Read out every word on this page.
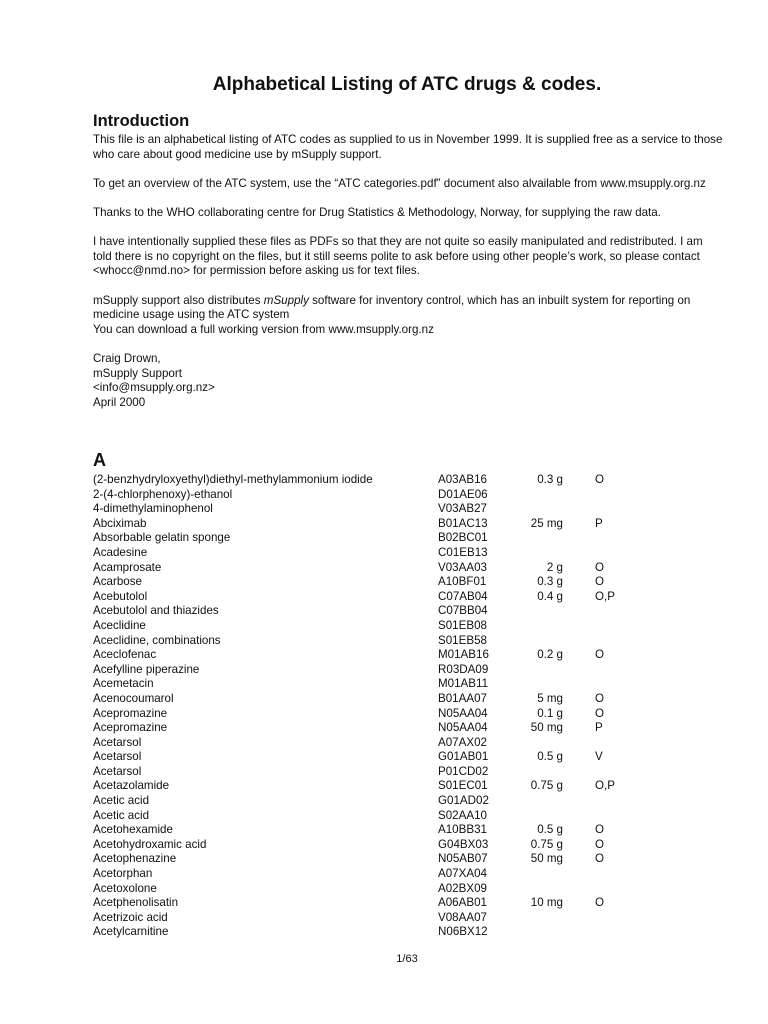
Alphabetical Listing of ATC drugs & codes.
Introduction

This file is an alphabetical listing of ATC codes as supplied to us in November 1999. It is supplied free as a service to those who care about good medicine use by mSupply support.

To get an overview of the ATC system, use the “ATC categories.pdf” document also alvailable from www.msupply.org.nz

Thanks to the WHO collaborating centre for Drug Statistics & Methodology, Norway, for supplying the raw data.

I have intentionally supplied these files as PDFs so that they are not quite so easily manipulated and redistributed. I am told there is no copyright on the files, but it still seems polite to ask before using other people’s work, so please contact <whocc@nmd.no> for permission before asking us for text files.

mSupply support also distributes mSupply software for inventory control, which has an inbuilt system for reporting on medicine usage using the ATC system

You can download a full working version from www.msupply.org.nz

Craig Drown,
mSupply Support
<info@msupply.org.nz>
April 2000
A
(2-benzhydryloxyethyl)diethyl-methylammonium iodide	A03AB16	0.3 g	O
2-(4-chlorphenoxy)-ethanol	D01AE06
4-dimethylaminophenol	V03AB27
Abciximab	B01AC13	25 mg	P
Absorbable gelatin sponge	B02BC01
Acadesine	C01EB13
Acamprosate	V03AA03	2 g	O
Acarbose	A10BF01	0.3 g	O
Acebutolol	C07AB04	0.4 g	O,P
Acebutolol and thiazides	C07BB04
Aceclidine	S01EB08
Aceclidine, combinations	S01EB58
Aceclofenac	M01AB16	0.2 g	O
Acefylline piperazine	R03DA09
Acemetacin	M01AB11
Acenocoumarol	B01AA07	5 mg	O
Acepromazine	N05AA04	0.1 g	O
Acepromazine	N05AA04	50 mg	P
Acetarsol	A07AX02
Acetarsol	G01AB01	0.5 g	V
Acetarsol	P01CD02
Acetazolamide	S01EC01	0.75 g	O,P
Acetic acid	G01AD02
Acetic acid	S02AA10
Acetohexamide	A10BB31	0.5 g	O
Acetohydroxamic acid	G04BX03	0.75 g	O
Acetophenazine	N05AB07	50 mg	O
Acetorphan	A07XA04
Acetoxolone	A02BX09
Acetphenolisatin	A06AB01	10 mg	O
Acetrizoic acid	V08AA07
Acetylcarnitine	N06BX12
1/63
